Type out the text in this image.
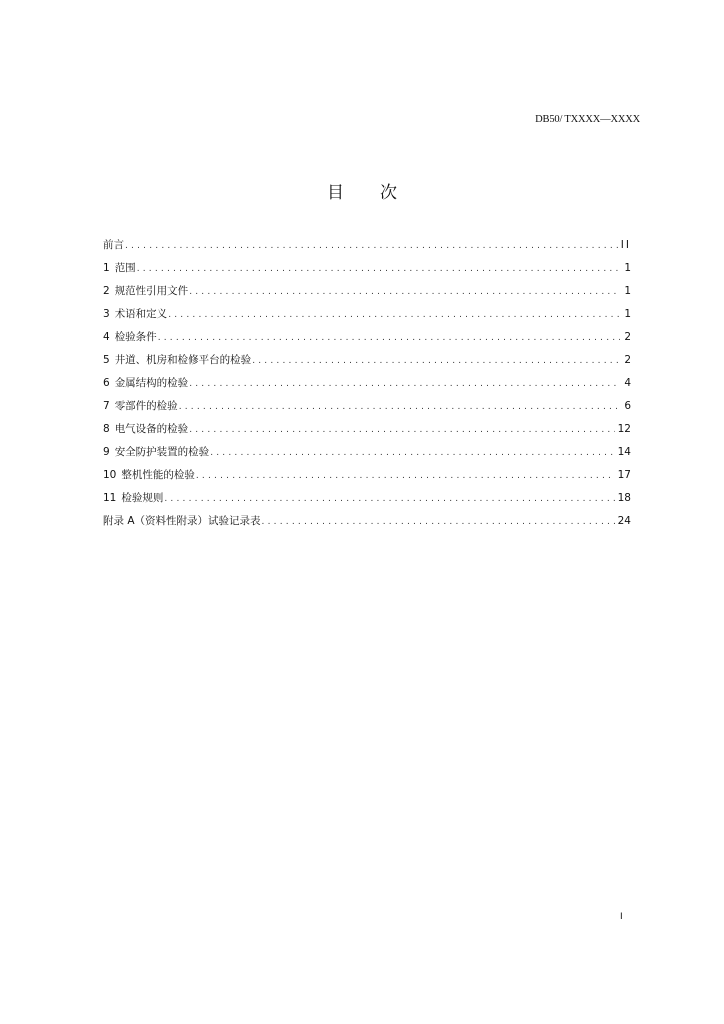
DB50/ TXXXX—XXXX
目次
前言 .....	II
1 范围 .....	1
2 规范性引用文件 .....	1
3 术语和定义 .....	1
4 检验条件 .....	2
5 井道、机房和检修平台的检验 .....	2
6 金属结构的检验 .....	4
7 零部件的检验 .....	6
8 电气设备的检验 .....	12
9 安全防护装置的检验 .....	14
10 整机性能的检验 .....	17
11 检验规则 .....	18
附录 A（资料性附录）试验记录表 .....	24
I
